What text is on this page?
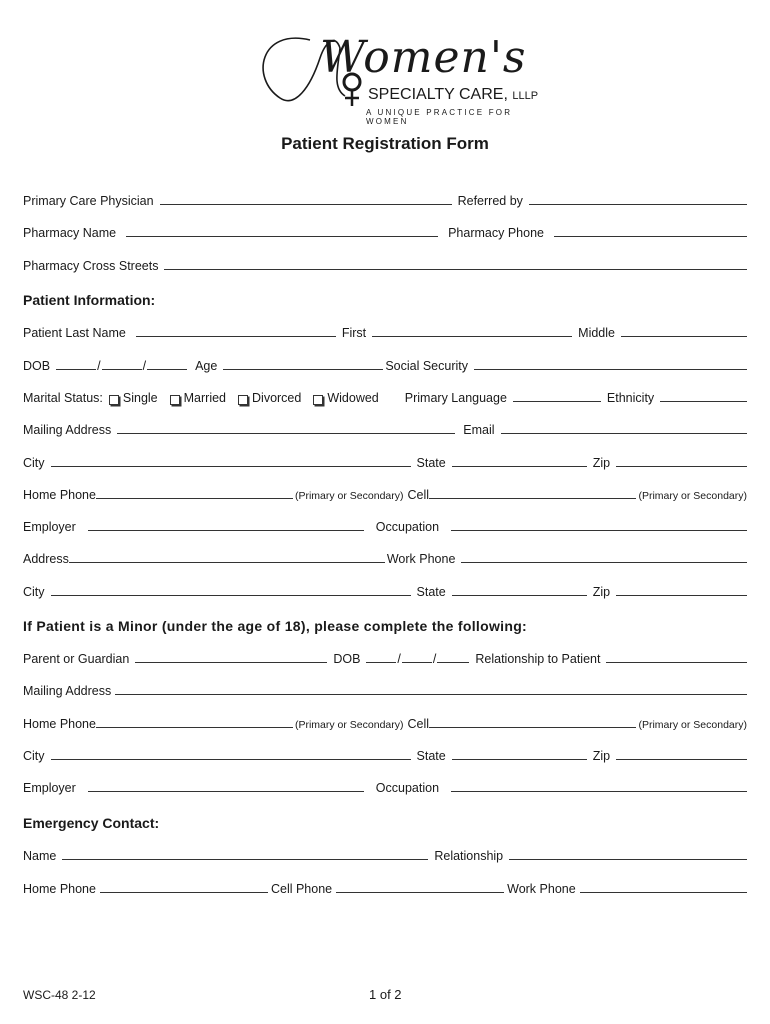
Women's
SPECIALTY CARE, LLLP
A UNIQUE PRACTICE FOR WOMEN
Patient Registration Form
Primary Care Physician	Referred by
Pharmacy Name	Pharmacy Phone
Pharmacy Cross Streets
Patient Information:
Patient Last Name	First	Middle
DOB	/	/	Age	Social Security
Marital Status: Single	Married	Divorced	Widowed	Primary Language	Ethnicity
Mailing Address	Email
City	State	Zip
Home Phone	(Primary or Secondary) Cell	(Primary or Secondary)
Employer	Occupation
Address	Work Phone
City	State	Zip
If Patient is a Minor (under the age of 18), please complete the following:
Parent or Guardian	DOB	/	/	Relationship to Patient
Mailing Address
Home Phone	(Primary or Secondary) Cell	(Primary or Secondary)
City	State	Zip
Employer	Occupation
Emergency Contact:
Name	Relationship
Home Phone	Cell Phone	Work Phone
WSC-48 2-12	1 of 2
